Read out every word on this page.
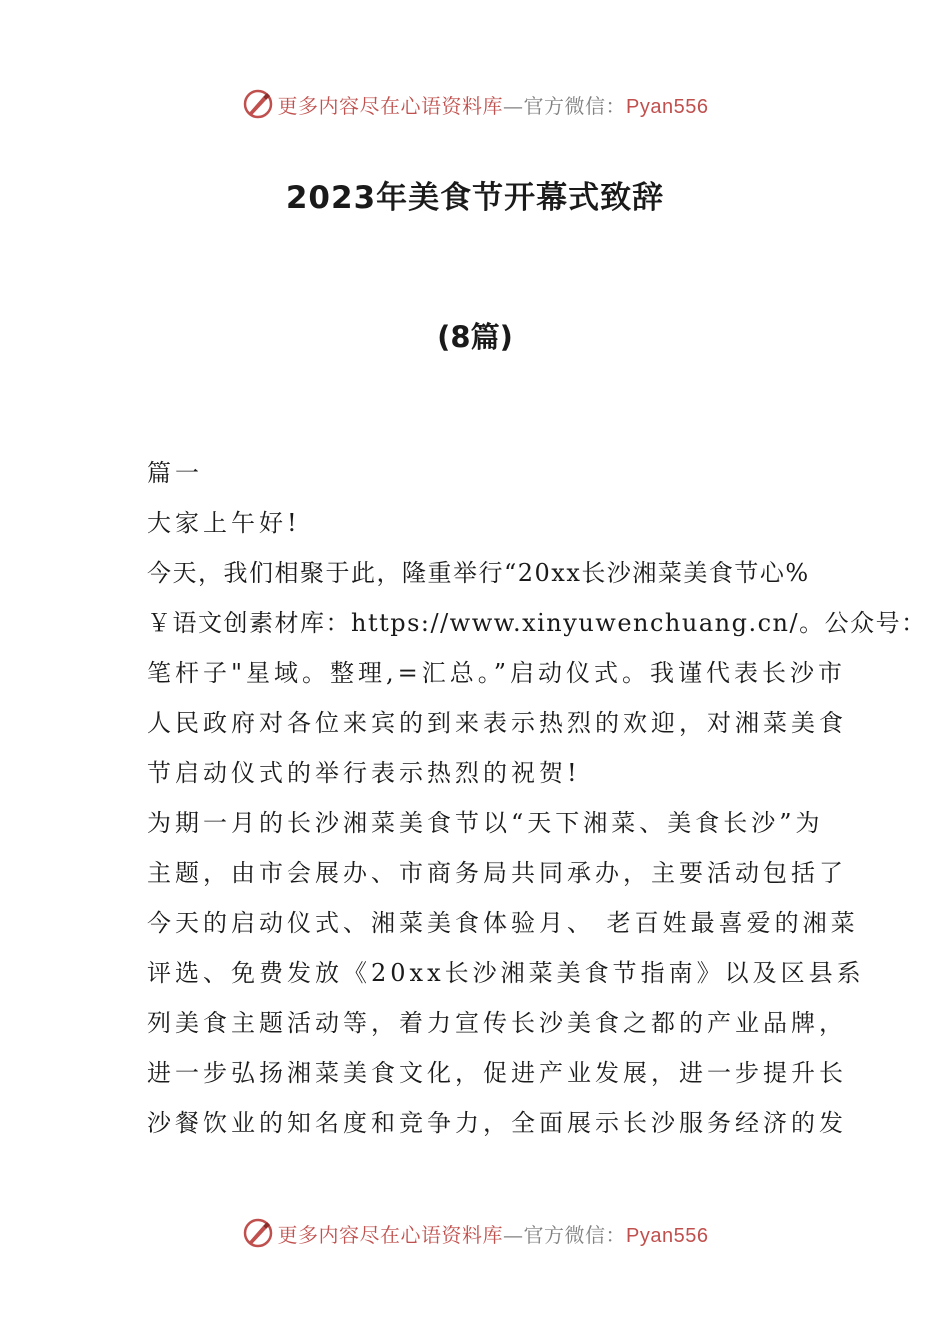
更多内容尽在心语资料库—官方微信：Pyan556
2023年美食节开幕式致辞
(8篇)
篇一
大家上午好!
今天，我们相聚于此，隆重举行“20xx长沙湘菜美食节心%
￥语文创素材库：https://www.xinyuwenchuang.cn/。公众号：
笔杆子"星域。整理,=汇总。”启动仪式。我谨代表长沙市
人民政府对各位来宾的到来表示热烈的欢迎，对湘菜美食
节启动仪式的举行表示热烈的祝贺!
为期一月的长沙湘菜美食节以“天下湘菜、美食长沙”为
主题，由市会展办、市商务局共同承办，主要活动包括了
今天的启动仪式、湘菜美食体验月、 老百姓最喜爱的湘菜
评选、免费发放《20xx长沙湘菜美食节指南》以及区县系
列美食主题活动等，着力宣传长沙美食之都的产业品牌，
进一步弘扬湘菜美食文化，促进产业发展，进一步提升长
沙餐饮业的知名度和竞争力，全面展示长沙服务经济的发
更多内容尽在心语资料库—官方微信：Pyan556
